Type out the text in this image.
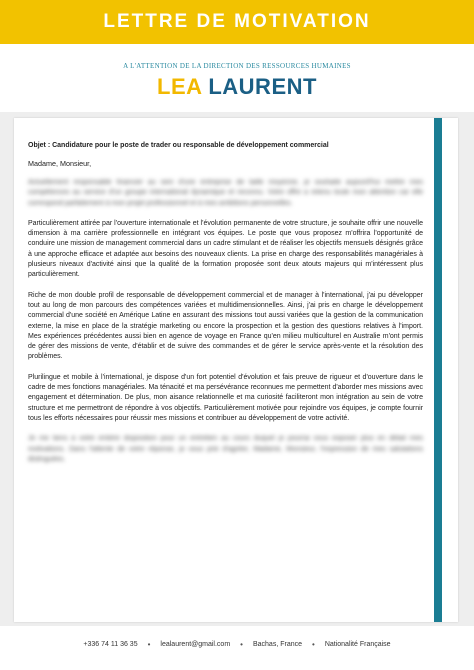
LETTRE DE MOTIVATION
A L'ATTENTION DE LA DIRECTION DES RESSOURCES HUMAINES
LEA LAURENT
Objet : Candidature pour le poste de trader ou responsable de développement commercial
Madame, Monsieur,
Actuellement responsable financier au sein d'une entreprise de taille moyenne, je souhaite aujourd'hui mettre mes compétences au service d'un groupe international dynamique et reconnu. Votre offre a retenu toute mon attention car elle correspond parfaitement à mon projet professionnel et à mes ambitions personnelles.
Particulièrement attirée par l'ouverture internationale et l'évolution permanente de votre structure, je souhaite offrir une nouvelle dimension à ma carrière professionnelle en intégrant vos équipes. Le poste que vous proposez m'offrira l'opportunité de conduire une mission de management commercial dans un cadre stimulant et de réaliser les objectifs mensuels désignés grâce à une approche efficace et adaptée aux besoins des nouveaux clients. La prise en charge des responsabilités managériales à plusieurs niveaux d'activité ainsi que la qualité de la formation proposée sont deux atouts majeurs qui m'intéressent plus particulièrement.
Riche de mon double profil de responsable de développement commercial et de manager à l'international, j'ai pu développer tout au long de mon parcours des compétences variées et multidimensionnelles. Ainsi, j'ai pris en charge le développement commercial d'une société en Amérique Latine en assurant des missions tout aussi variées que la gestion de la communication externe, la mise en place de la stratégie marketing ou encore la prospection et la gestion des questions relatives à l'import. Mes expériences précédentes aussi bien en agence de voyage en France qu'en milieu multiculturel en Australie m'ont permis de gérer des missions de vente, d'établir et de suivre des commandes et de gérer le service après-vente et la résolution des problèmes.
Plurilingue et mobile à l'international, je dispose d'un fort potentiel d'évolution et fais preuve de rigueur et d'ouverture dans le cadre de mes fonctions managériales. Ma ténacité et ma persévérance reconnues me permettent d'aborder mes missions avec engagement et détermination. De plus, mon aisance relationnelle et ma curiosité faciliteront mon intégration au sein de votre structure et me permettront de répondre à vos objectifs. Particulièrement motivée pour rejoindre vos équipes, je compte fournir tous les efforts nécessaires pour réussir mes missions et contribuer au développement de votre activité.
Je me tiens à votre entière disposition pour un entretien au cours duquel je pourrai vous exposer plus en détail mes motivations. Dans l'attente de votre réponse, je vous prie d'agréer, Madame, Monsieur, l'expression de mes salutations distinguées.
+336 74 11 36 35 • lealaurent@gmail.com • Bachas, France • Nationalité Française
